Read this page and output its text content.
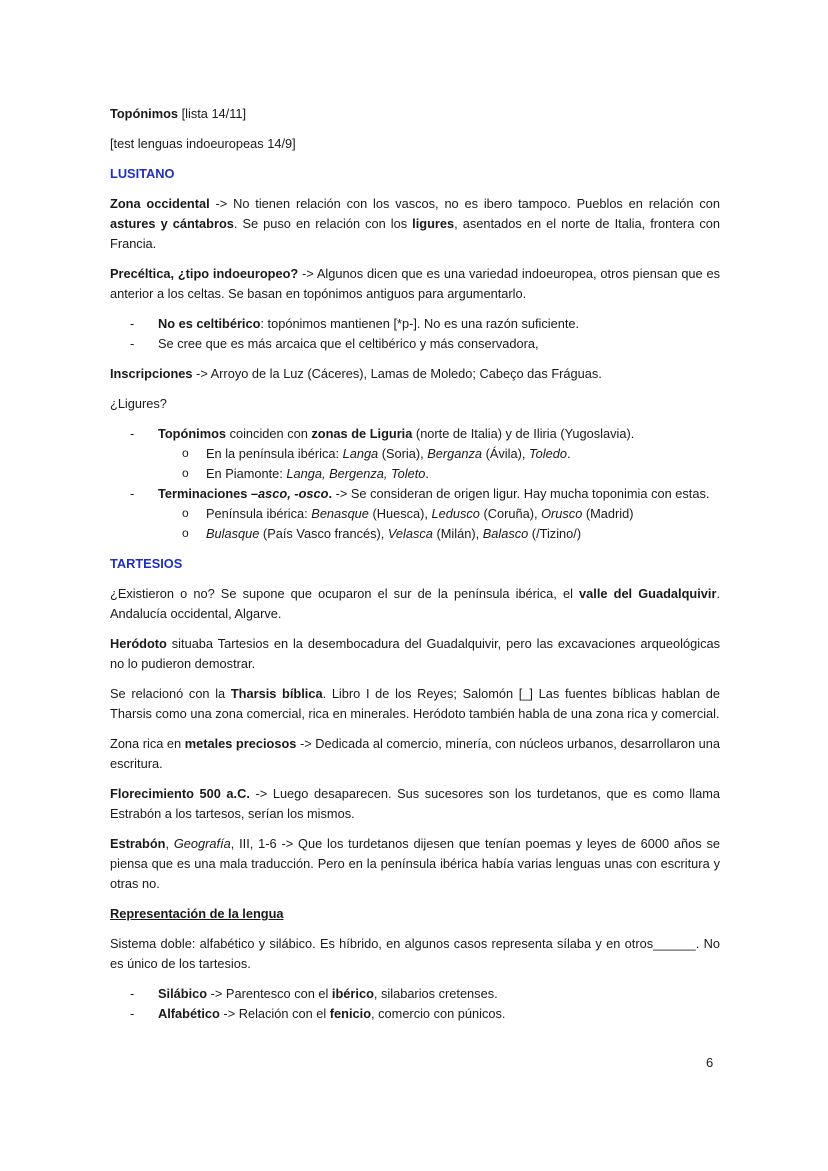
Topónimos [lista 14/11]

[test lenguas indoeuropeas 14/9]

LUSITANO

Zona occidental -> No tienen relación con los vascos, no es ibero tampoco. Pueblos en relación con astures y cántabros. Se puso en relación con los ligures, asentados en el norte de Italia, frontera con Francia.

Precéltica, ¿tipo indoeuropeo? -> Algunos dicen que es una variedad indoeuropea, otros piensan que es anterior a los celtas. Se basan en topónimos antiguos para argumentarlo.

- No es celtibérico: topónimos mantienen [*p-]. No es una razón suficiente.
- Se cree que es más arcaica que el celtibérico y más conservadora,

Inscripciones -> Arroyo de la Luz (Cáceres), Lamas de Moledo; Cabeço das Fráguas.

¿Ligures?

- Topónimos coinciden con zonas de Liguria (norte de Italia) y de Iliria (Yugoslavia).
o En la península ibérica: Langa (Soria), Berganza (Ávila), Toledo.
o En Piamonte: Langa, Bergenza, Toleto.
- Terminaciones –asco, -osco. -> Se consideran de origen ligur. Hay mucha toponimia con estas.
o Península ibérica: Benasque (Huesca), Ledusco (Coruña), Orusco (Madrid)
o Bulasque (País Vasco francés), Velasca (Milán), Balasco (/Tizino/)

TARTESIOS

¿Existieron o no? Se supone que ocuparon el sur de la península ibérica, el valle del Guadalquivir. Andalucía occidental, Algarve.

Heródoto situaba Tartesios en la desembocadura del Guadalquivir, pero las excavaciones arqueológicas no lo pudieron demostrar.

Se relacionó con la Tharsis bíblica. Libro I de los Reyes; Salomón [_] Las fuentes bíblicas hablan de Tharsis como una zona comercial, rica en minerales. Heródoto también habla de una zona rica y comercial.

Zona rica en metales preciosos -> Dedicada al comercio, minería, con núcleos urbanos, desarrollaron una escritura.

Florecimiento 500 a.C. -> Luego desaparecen. Sus sucesores son los turdetanos, que es como llama Estrabón a los tartesos, serían los mismos.

Estrabón, Geografía, III, 1-6 -> Que los turdetanos dijesen que tenían poemas y leyes de 6000 años se piensa que es una mala traducción. Pero en la península ibérica había varias lenguas unas con escritura y otras no.

Representación de la lengua

Sistema doble: alfabético y silábico. Es híbrido, en algunos casos representa sílaba y en otros______. No es único de los tartesios.

- Silábico -> Parentesco con el ibérico, silabarios cretenses.
- Alfabético -> Relación con el fenicio, comercio con púnicos.
6
